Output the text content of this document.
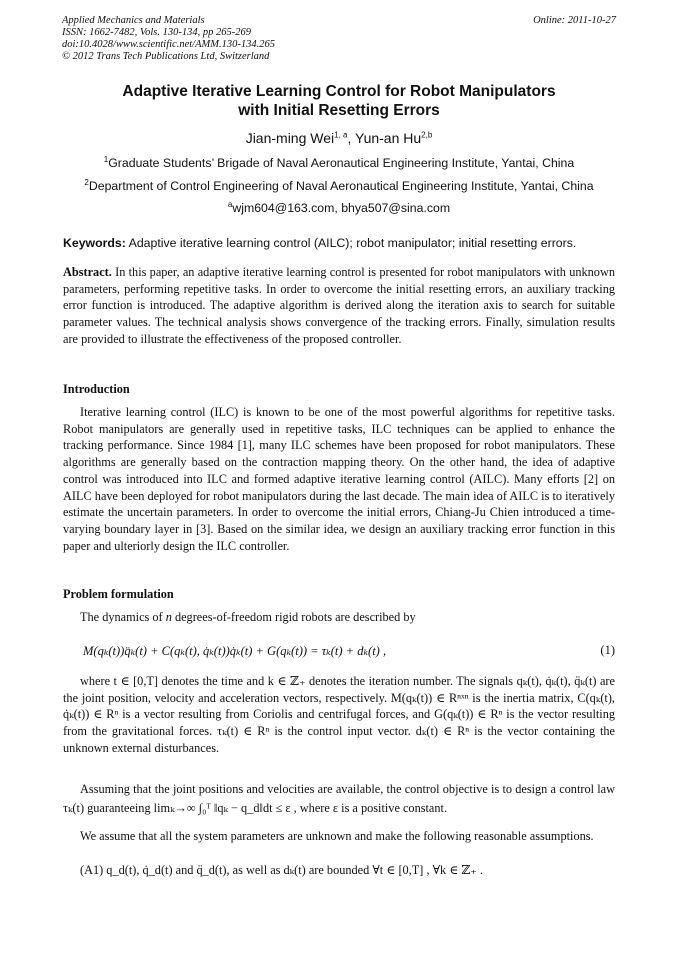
Applied Mechanics and Materials
ISSN: 1662-7482, Vols. 130-134, pp 265-269
doi:10.4028/www.scientific.net/AMM.130-134.265
© 2012 Trans Tech Publications Ltd, Switzerland
Online: 2011-10-27
Adaptive Iterative Learning Control for Robot Manipulators
with Initial Resetting Errors
Jian-ming Wei$^{1, a}$, Yun-an Hu$^{2,b}$
$^1$Graduate Students’ Brigade of Naval Aeronautical Engineering Institute, Yantai, China
$^2$Department of Control Engineering of Naval Aeronautical Engineering Institute, Yantai, China
$^a$wjm604@163.com, bhya507@sina.com
Keywords: Adaptive iterative learning control (AILC); robot manipulator; initial resetting errors.
Abstract. In this paper, an adaptive iterative learning control is presented for robot manipulators with unknown parameters, performing repetitive tasks. In order to overcome the initial resetting errors, an auxiliary tracking error function is introduced. The adaptive algorithm is derived along the iteration axis to search for suitable parameter values. The technical analysis shows convergence of the tracking errors. Finally, simulation results are provided to illustrate the effectiveness of the proposed controller.
Introduction
Iterative learning control (ILC) is known to be one of the most powerful algorithms for repetitive tasks. Robot manipulators are generally used in repetitive tasks, ILC techniques can be applied to enhance the tracking performance. Since 1984 [1], many ILC schemes have been proposed for robot manipulators. These algorithms are generally based on the contraction mapping theory. On the other hand, the idea of adaptive control was introduced into ILC and formed adaptive iterative learning control (AILC). Many efforts [2] on AILC have been deployed for robot manipulators during the last decade. The main idea of AILC is to iteratively estimate the uncertain parameters. In order to overcome the initial errors, Chiang-Ju Chien introduced a time-varying boundary layer in [3]. Based on the similar idea, we design an auxiliary tracking error function in this paper and ulteriorly design the ILC controller.
Problem formulation
The dynamics of n degrees-of-freedom rigid robots are described by
M(qₖ(t))q̈ₖ(t) + C(qₖ(t), q̇ₖ(t))q̇ₖ(t) + G(qₖ(t)) = τₖ(t) + dₖ(t) ,	(1)
where t ∈ [0,T] denotes the time and k ∈ ℤ₊ denotes the iteration number. The signals qₖ(t), q̇ₖ(t), q̈ₖ(t) are the joint position, velocity and acceleration vectors, respectively. M(qₖ(t)) ∈ Rⁿˣⁿ is the inertia matrix, C(qₖ(t), q̇ₖ(t)) ∈ Rⁿ is a vector resulting from Coriolis and centrifugal forces, and G(qₖ(t)) ∈ Rⁿ is the vector resulting from the gravitational forces. τₖ(t) ∈ Rⁿ is the control input vector. dₖ(t) ∈ Rⁿ is the vector containing the unknown external disturbances.
Assuming that the joint positions and velocities are available, the control objective is to design a control law τₖ(t) guaranteeing limₖ→∞ ∫₀ᵀ ‖qₖ − q_d‖dt ≤ ε , where ε is a positive constant.
We assume that all the system parameters are unknown and make the following reasonable assumptions.
(A1) q_d(t), q̇_d(t) and q̈_d(t), as well as dₖ(t) are bounded ∀t ∈ [0,T] , ∀k ∈ ℤ₊ .
